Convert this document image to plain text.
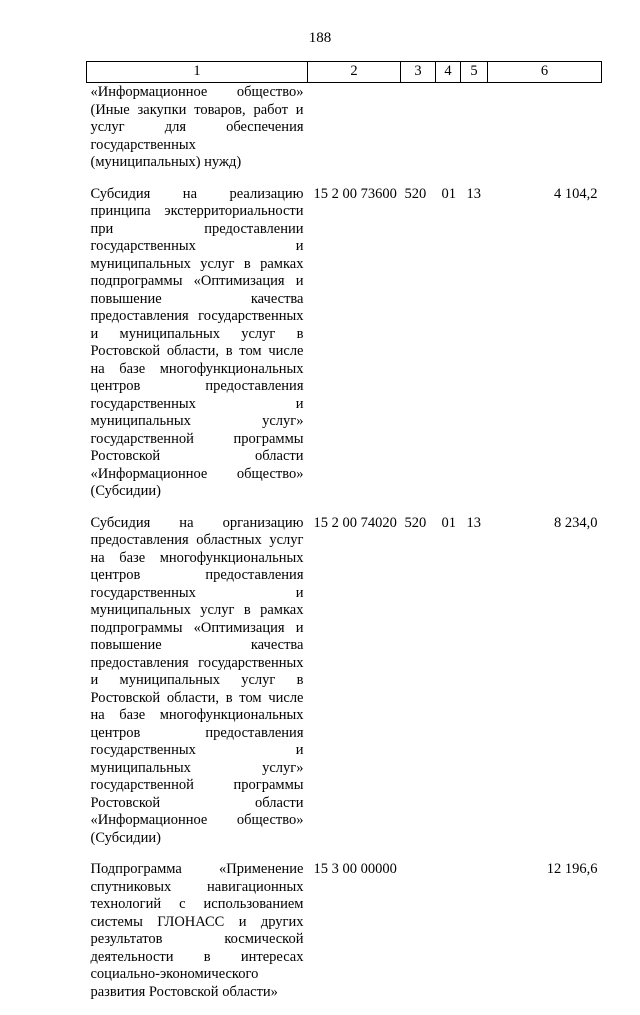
188
1	2	3	4	5	6
«Информационное общество» (Иные закупки товаров, работ и услуг для обеспечения государственных (муниципальных) нужд)					
Субсидия на реализацию принципа экстерриториальности при предоставлении государственных и муниципальных услуг в рамках подпрограммы «Оптимизация и повышение качества предоставления государственных и муниципальных услуг в Ростовской области, в том числе на базе многофункциональных центров предоставления государственных и муниципальных услуг» государственной программы Ростовской области «Информационное общество» (Субсидии)	15 2 00 73600	520	01	13	4 104,2
Субсидия на организацию предоставления областных услуг на базе многофункциональных центров предоставления государственных и муниципальных услуг в рамках подпрограммы «Оптимизация и повышение качества предоставления государственных и муниципальных услуг в Ростовской области, в том числе на базе многофункциональных центров предоставления государственных и муниципальных услуг» государственной программы Ростовской области «Информационное общество» (Субсидии)	15 2 00 74020	520	01	13	8 234,0
Подпрограмма «Применение спутниковых навигационных технологий с использованием системы ГЛОНАСС и других результатов космической деятельности в интересах социально-экономического развития Ростовской области»	15 3 00 00000				12 196,6
